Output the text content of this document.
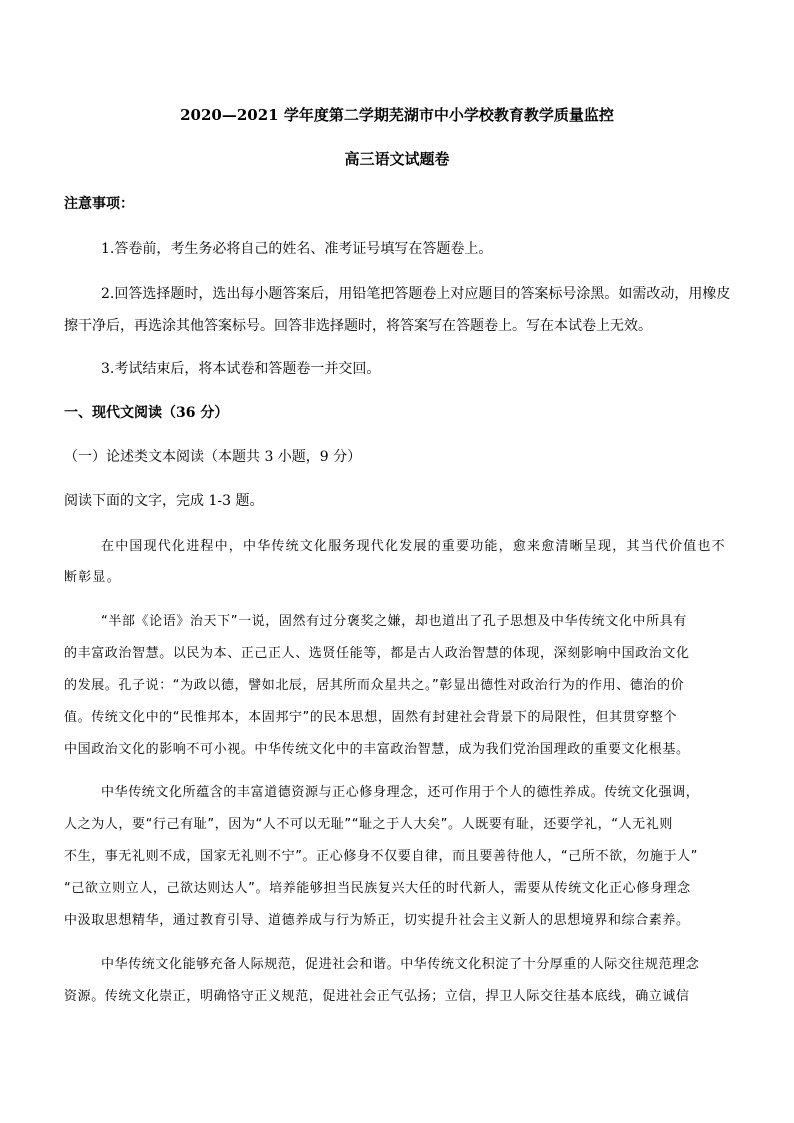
2020—2021 学年度第二学期芜湖市中小学校教育教学质量监控
高三语文试题卷
注意事项：
1.答卷前，考生务必将自己的姓名、准考证号填写在答题卷上。
2.回答选择题时，选出每小题答案后，用铅笔把答题卷上对应题目的答案标号涂黑。如需改动，用橡皮
擦干净后，再选涂其他答案标号。回答非选择题时，将答案写在答题卷上。写在本试卷上无效。
3.考试结束后，将本试卷和答题卷一并交回。
一、现代文阅读（36 分）
（一）论述类文本阅读（本题共 3 小题，9 分）
阅读下面的文字，完成 1-3 题。
在中国现代化进程中，中华传统文化服务现代化发展的重要功能，愈来愈清晰呈现，其当代价值也不
断彰显。
“半部《论语》治天下”一说，固然有过分褒奖之嫌，却也道出了孔子思想及中华传统文化中所具有
的丰富政治智慧。以民为本、正己正人、选贤任能等，都是古人政治智慧的体现，深刻影响中国政治文化
的发展。孔子说：“为政以德，譬如北辰，居其所而众星共之。”彰显出德性对政治行为的作用、德治的价
值。传统文化中的“民惟邦本，本固邦宁”的民本思想，固然有封建社会背景下的局限性，但其贯穿整个
中国政治文化的影响不可小视。中华传统文化中的丰富政治智慧，成为我们党治国理政的重要文化根基。
中华传统文化所蕴含的丰富道德资源与正心修身理念，还可作用于个人的德性养成。传统文化强调，
人之为人，要“行己有耻”，因为“人不可以无耻”“耻之于人大矣”。人既要有耻，还要学礼，“人无礼则
不生，事无礼则不成，国家无礼则不宁”。正心修身不仅要自律，而且要善待他人，“己所不欲，勿施于人”
“己欲立则立人，己欲达则达人”。培养能够担当民族复兴大任的时代新人，需要从传统文化正心修身理念
中汲取思想精华，通过教育引导、道德养成与行为矫正，切实提升社会主义新人的思想境界和综合素养。
中华传统文化能够充备人际规范，促进社会和谐。中华传统文化积淀了十分厚重的人际交往规范理念
资源。传统文化崇正，明确恪守正义规范，促进社会正气弘扬；立信，捍卫人际交往基本底线，确立诚信
